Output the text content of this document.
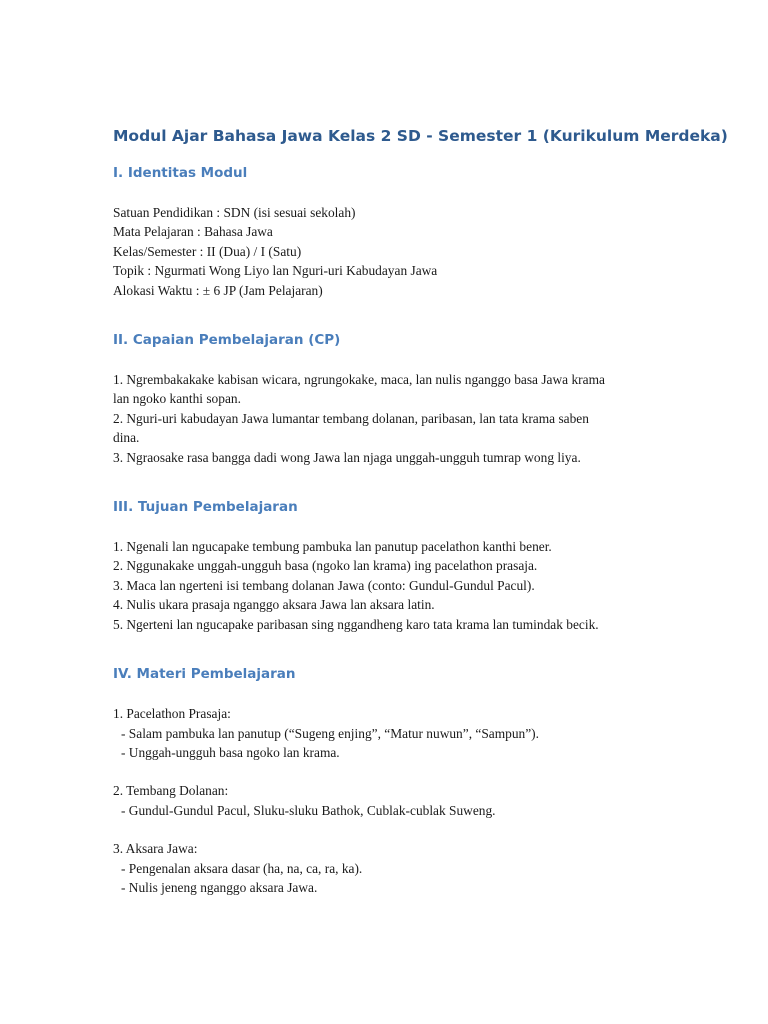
Modul Ajar Bahasa Jawa Kelas 2 SD - Semester 1 (Kurikulum Merdeka)
I. Identitas Modul

Satuan Pendidikan : SDN (isi sesuai sekolah)

Mata Pelajaran : Bahasa Jawa

Kelas/Semester : II (Dua) / I (Satu)

Topik : Ngurmati Wong Liyo lan Nguri-uri Kabudayan Jawa

Alokasi Waktu : ± 6 JP (Jam Pelajaran)

II. Capaian Pembelajaran (CP)

1. Ngrembakakake kabisan wicara, ngrungokake, maca, lan nulis nganggo basa Jawa krama

lan ngoko kanthi sopan.

2. Nguri-uri kabudayan Jawa lumantar tembang dolanan, paribasan, lan tata krama saben

dina.

3. Ngraosake rasa bangga dadi wong Jawa lan njaga unggah-ungguh tumrap wong liya.

III. Tujuan Pembelajaran

1. Ngenali lan ngucapake tembung pambuka lan panutup pacelathon kanthi bener.

2. Nggunakake unggah-ungguh basa (ngoko lan krama) ing pacelathon prasaja.

3. Maca lan ngerteni isi tembang dolanan Jawa (conto: Gundul-Gundul Pacul).

4. Nulis ukara prasaja nganggo aksara Jawa lan aksara latin.

5. Ngerteni lan ngucapake paribasan sing nggandheng karo tata krama lan tumindak becik.

IV. Materi Pembelajaran

1. Pacelathon Prasaja:

- Salam pambuka lan panutup (“Sugeng enjing”, “Matur nuwun”, “Sampun”).

- Unggah-ungguh basa ngoko lan krama.

2. Tembang Dolanan:

- Gundul-Gundul Pacul, Sluku-sluku Bathok, Cublak-cublak Suweng.

3. Aksara Jawa:

- Pengenalan aksara dasar (ha, na, ca, ra, ka).

- Nulis jeneng nganggo aksara Jawa.
